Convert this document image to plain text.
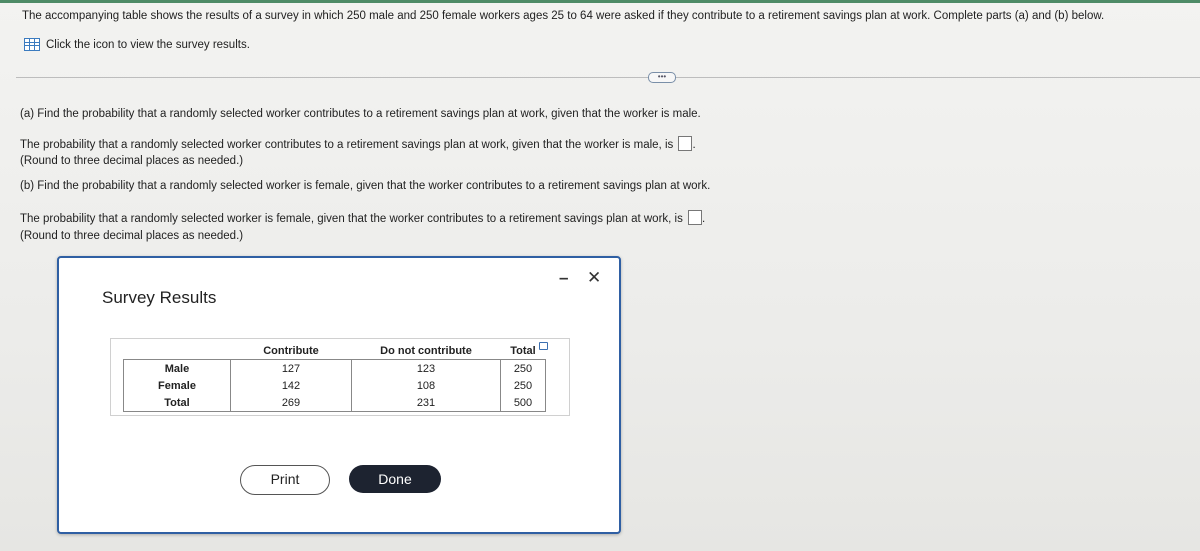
The accompanying table shows the results of a survey in which 250 male and 250 female workers ages 25 to 64 were asked if they contribute to a retirement savings plan at work. Complete parts (a) and (b) below.
Click the icon to view the survey results.
•••
(a) Find the probability that a randomly selected worker contributes to a retirement savings plan at work, given that the worker is male.
The probability that a randomly selected worker contributes to a retirement savings plan at work, given that the worker is male, is .
(Round to three decimal places as needed.)
(b) Find the probability that a randomly selected worker is female, given that the worker contributes to a retirement savings plan at work.
The probability that a randomly selected worker is female, given that the worker contributes to a retirement savings plan at work, is .
(Round to three decimal places as needed.)
Survey Results
– ✕
	Contribute	Do not contribute	Total
Male	127	123	250
Female	142	108	250
Total	269	231	500
Print	Done
